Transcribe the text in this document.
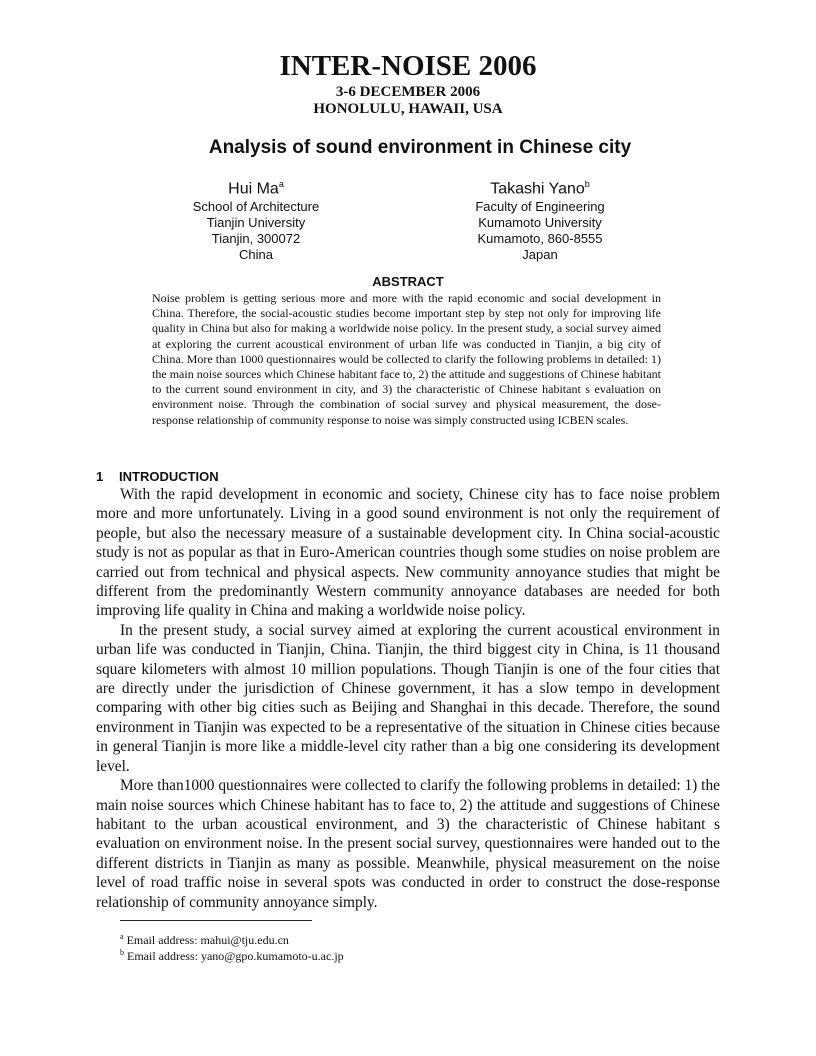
INTER-NOISE 2006
3-6 DECEMBER 2006
HONOLULU, HAWAII, USA
Analysis of sound environment in Chinese city
Hui Ma$^a$
School of Architecture
Tianjin University
Tianjin, 300072
China
Takashi Yano$^b$
Faculty of Engineering
Kumamoto University
Kumamoto, 860-8555
Japan
ABSTRACT

Noise problem is getting serious more and more with the rapid economic and social development in China. Therefore, the social-acoustic studies become important step by step not only for improving life quality in China but also for making a worldwide noise policy. In the present study, a social survey aimed at exploring the current acoustical environment of urban life was conducted in Tianjin, a big city of China. More than 1000 questionnaires would be collected to clarify the following problems in detailed: 1) the main noise sources which Chinese habitant face to, 2) the attitude and suggestions of Chinese habitant to the current sound environment in city, and 3) the characteristic of Chinese habitant s evaluation on environment noise. Through the combination of social survey and physical measurement, the dose-response relationship of community response to noise was simply constructed using ICBEN scales.

1 INTRODUCTION

With the rapid development in economic and society, Chinese city has to face noise problem more and more unfortunately. Living in a good sound environment is not only the requirement of people, but also the necessary measure of a sustainable development city. In China social-acoustic study is not as popular as that in Euro-American countries though some studies on noise problem are carried out from technical and physical aspects. New community annoyance studies that might be different from the predominantly Western community annoyance databases are needed for both improving life quality in China and making a worldwide noise policy.

In the present study, a social survey aimed at exploring the current acoustical environment in urban life was conducted in Tianjin, China. Tianjin, the third biggest city in China, is 11 thousand square kilometers with almost 10 million populations. Though Tianjin is one of the four cities that are directly under the jurisdiction of Chinese government, it has a slow tempo in development comparing with other big cities such as Beijing and Shanghai in this decade. Therefore, the sound environment in Tianjin was expected to be a representative of the situation in Chinese cities because in general Tianjin is more like a middle-level city rather than a big one considering its development level.

More than1000 questionnaires were collected to clarify the following problems in detailed: 1) the main noise sources which Chinese habitant has to face to, 2) the attitude and suggestions of Chinese habitant to the urban acoustical environment, and 3) the characteristic of Chinese habitant s evaluation on environment noise. In the present social survey, questionnaires were handed out to the different districts in Tianjin as many as possible. Meanwhile, physical measurement on the noise level of road traffic noise in several spots was conducted in order to construct the dose-response relationship of community annoyance simply.

$^a$ Email address: mahui@tju.edu.cn
$^b$ Email address: yano@gpo.kumamoto-u.ac.jp
